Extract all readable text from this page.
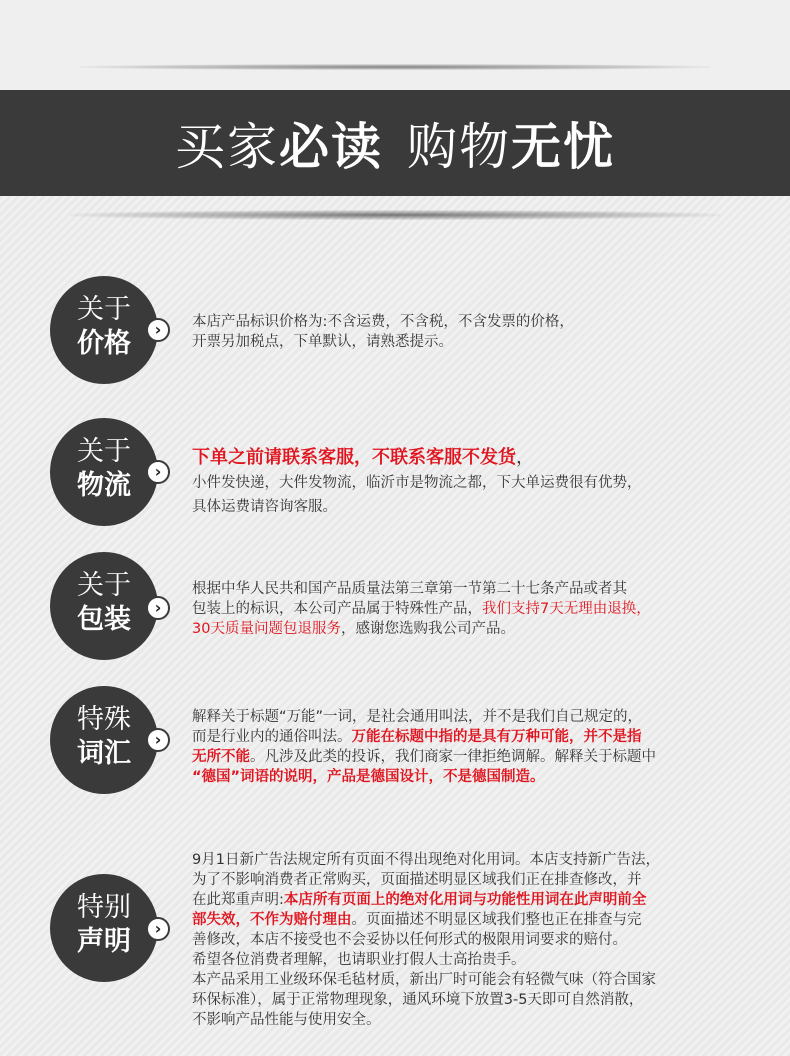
买家 必读 购物 无忧
关于
价格	›	本店产品标识价格为:不含运费，不含税，不含发票的价格，

开票另加税点，下单默认，请熟悉提示。

关于
物流	›

下单之前请联系客服，不联系客服不发货，

小件发快递，大件发物流，临沂市是物流之都，下大单运费很有优势，

具体运费请咨询客服。

关于
包装	›

根据中华人民共和国产品质量法第三章第一节第二十七条产品或者其

包装上的标识，本公司产品属于特殊性产品，我们支持7天无理由退换，

30天质量问题包退服务，感谢您选购我公司产品。

特殊
词汇	›

解释关于标题“万能”一词，是社会通用叫法，并不是我们自己规定的，

而是行业内的通俗叫法。万能在标题中指的是具有万种可能，并不是指

无所不能。凡涉及此类的投诉，我们商家一律拒绝调解。解释关于标题中

“德国”词语的说明，产品是德国设计，不是德国制造。

特别
声明	›

9月1日新广告法规定所有页面不得出现绝对化用词。本店支持新广告法，

为了不影响消费者正常购买，页面描述明显区域我们正在排查修改，并

在此郑重声明:本店所有页面上的绝对化用词与功能性用词在此声明前全

部失效，不作为赔付理由。页面描述不明显区域我们整也正在排查与完

善修改，本店不接受也不会妥协以任何形式的极限用词要求的赔付。

希望各位消费者理解，也请职业打假人士高抬贵手。

本产品采用工业级环保毛毡材质，新出厂时可能会有轻微气味（符合国家

环保标准），属于正常物理现象，通风环境下放置3-5天即可自然消散，

不影响产品性能与使用安全。
